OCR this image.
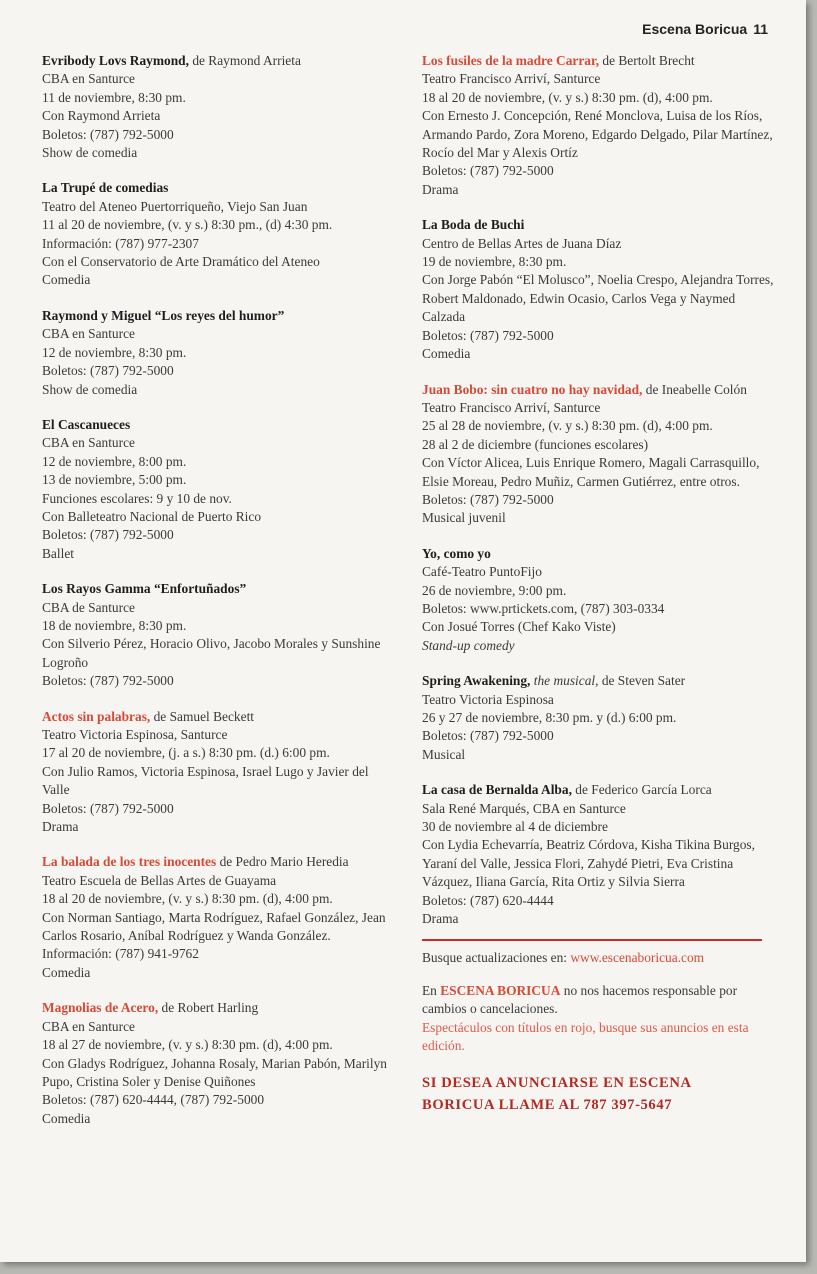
Escena Boricua 11
Evribody Lovs Raymond, de Raymond Arrieta
CBA en Santurce
11 de noviembre, 8:30 pm.
Con Raymond Arrieta
Boletos: (787) 792-5000
Show de comedia
La Trupé de comedias
Teatro del Ateneo Puertorriqueño, Viejo San Juan
11 al 20 de noviembre, (v. y s.) 8:30 pm., (d) 4:30 pm.
Información: (787) 977-2307
Con el Conservatorio de Arte Dramático del Ateneo
Comedia
Raymond y Miguel “Los reyes del humor”
CBA en Santurce
12 de noviembre, 8:30 pm.
Boletos: (787) 792-5000
Show de comedia
El Cascanueces
CBA en Santurce
12 de noviembre, 8:00 pm.
13 de noviembre, 5:00 pm.
Funciones escolares: 9 y 10 de nov.
Con Balleteatro Nacional de Puerto Rico
Boletos: (787) 792-5000
Ballet
Los Rayos Gamma “Enfortuñados”
CBA de Santurce
18 de noviembre, 8:30 pm.
Con Silverio Pérez, Horacio Olivo, Jacobo Morales y Sunshine Logroño
Boletos: (787) 792-5000
Actos sin palabras, de Samuel Beckett
Teatro Victoria Espinosa, Santurce
17 al 20 de noviembre, (j. a s.) 8:30 pm. (d.) 6:00 pm.
Con Julio Ramos, Victoria Espinosa, Israel Lugo y Javier del Valle
Boletos: (787) 792-5000
Drama
La balada de los tres inocentes de Pedro Mario Heredia
Teatro Escuela de Bellas Artes de Guayama
18 al 20 de noviembre, (v. y s.) 8:30 pm. (d), 4:00 pm.
Con Norman Santiago, Marta Rodríguez, Rafael González, Jean Carlos Rosario, Aníbal Rodríguez y Wanda González.
Información: (787) 941-9762
Comedia
Magnolias de Acero, de Robert Harling
CBA en Santurce
18 al 27 de noviembre, (v. y s.) 8:30 pm. (d), 4:00 pm.
Con Gladys Rodríguez, Johanna Rosaly, Marian Pabón, Marilyn Pupo, Cristina Soler y Denise Quiñones
Boletos: (787) 620-4444, (787) 792-5000
Comedia
Los fusiles de la madre Carrar, de Bertolt Brecht
Teatro Francisco Arriví, Santurce
18 al 20 de noviembre, (v. y s.) 8:30 pm. (d), 4:00 pm.
Con Ernesto J. Concepción, René Monclova, Luisa de los Ríos, Armando Pardo, Zora Moreno, Edgardo Delgado, Pilar Martínez, Rocío del Mar y Alexis Ortíz
Boletos: (787) 792-5000
Drama
La Boda de Buchi
Centro de Bellas Artes de Juana Díaz
19 de noviembre, 8:30 pm.
Con Jorge Pabón “El Molusco”, Noelia Crespo, Alejandra Torres, Robert Maldonado, Edwin Ocasio, Carlos Vega y Naymed Calzada
Boletos: (787) 792-5000
Comedia
Juan Bobo: sin cuatro no hay navidad, de Ineabelle Colón
Teatro Francisco Arriví, Santurce
25 al 28 de noviembre, (v. y s.) 8:30 pm. (d), 4:00 pm.
28 al 2 de diciembre (funciones escolares)
Con Víctor Alicea, Luis Enrique Romero, Magali Carrasquillo, Elsie Moreau, Pedro Muñiz, Carmen Gutiérrez, entre otros.
Boletos: (787) 792-5000
Musical juvenil
Yo, como yo
Café-Teatro PuntoFijo
26 de noviembre, 9:00 pm.
Boletos: www.prtickets.com, (787) 303-0334
Con Josué Torres (Chef Kako Viste)
Stand-up comedy
Spring Awakening, the musical, de Steven Sater
Teatro Victoria Espinosa
26 y 27 de noviembre, 8:30 pm. y (d.) 6:00 pm.
Boletos: (787) 792-5000
Musical
La casa de Bernalda Alba, de Federico García Lorca
Sala René Marqués, CBA en Santurce
30 de noviembre al 4 de diciembre
Con Lydia Echevarría, Beatriz Córdova, Kisha Tikina Burgos, Yaraní del Valle, Jessica Flori, Zahydé Pietri, Eva Cristina Vázquez, Iliana García, Rita Ortiz y Silvia Sierra
Boletos: (787) 620-4444
Drama
Busque actualizaciones en: www.escenaboricua.com
En ESCENA BORICUA no nos hacemos responsable por cambios o cancelaciones.
Espectáculos con títulos en rojo, busque sus anuncios en esta edición.
SI DESEA ANUNCIARSE EN ESCENA
BORICUA LLAME AL 787 397-5647
